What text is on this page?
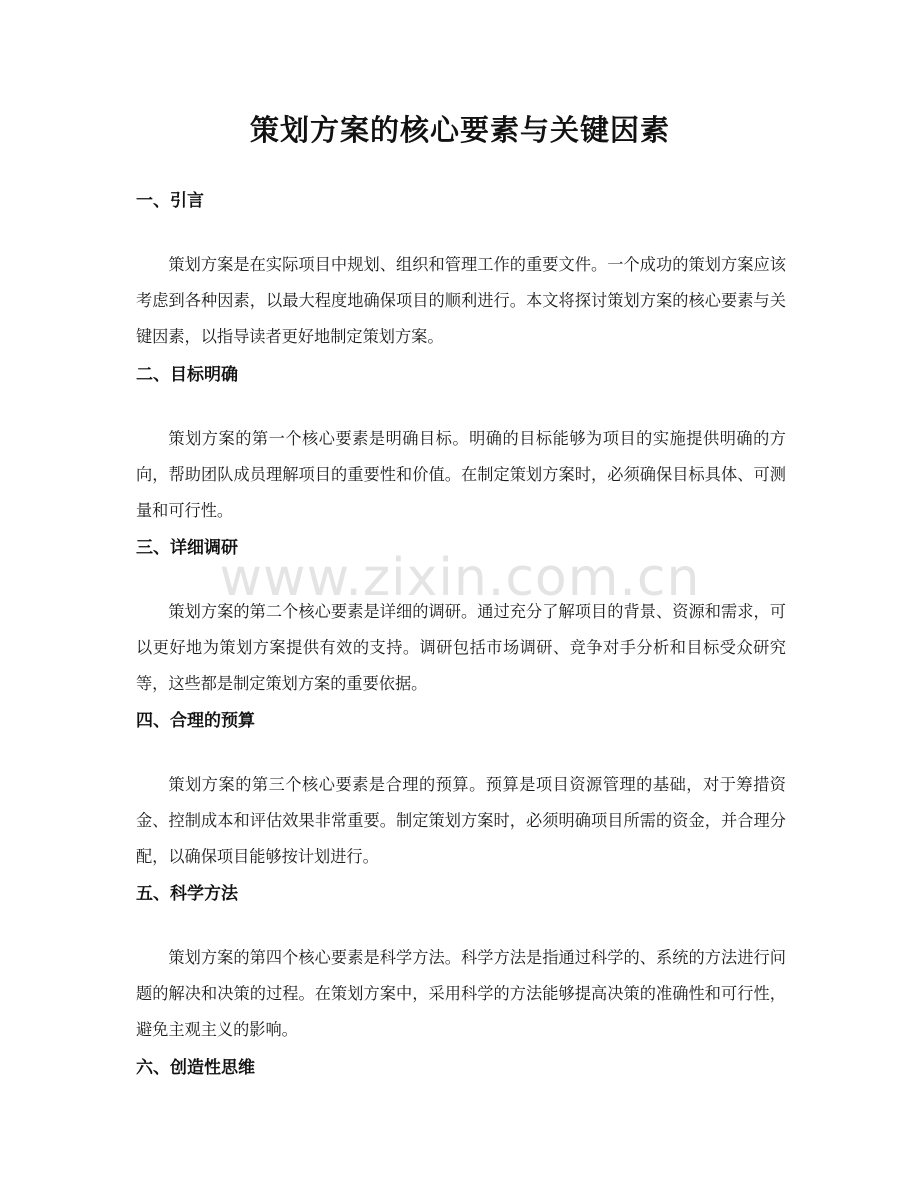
策划方案的核心要素与关键因素
www.zixin.com.cn
一、引言

策划方案是在实际项目中规划、组织和管理工作的重要文件。一个成功的策划方案应该考虑到各种因素，以最大程度地确保项目的顺利进行。本文将探讨策划方案的核心要素与关键因素，以指导读者更好地制定策划方案。

二、目标明确

策划方案的第一个核心要素是明确目标。明确的目标能够为项目的实施提供明确的方向，帮助团队成员理解项目的重要性和价值。在制定策划方案时，必须确保目标具体、可测量和可行性。

三、详细调研

策划方案的第二个核心要素是详细的调研。通过充分了解项目的背景、资源和需求，可以更好地为策划方案提供有效的支持。调研包括市场调研、竞争对手分析和目标受众研究等，这些都是制定策划方案的重要依据。

四、合理的预算

策划方案的第三个核心要素是合理的预算。预算是项目资源管理的基础，对于筹措资金、控制成本和评估效果非常重要。制定策划方案时，必须明确项目所需的资金，并合理分配，以确保项目能够按计划进行。

五、科学方法

策划方案的第四个核心要素是科学方法。科学方法是指通过科学的、系统的方法进行问题的解决和决策的过程。在策划方案中，采用科学的方法能够提高决策的准确性和可行性，避免主观主义的影响。

六、创造性思维
